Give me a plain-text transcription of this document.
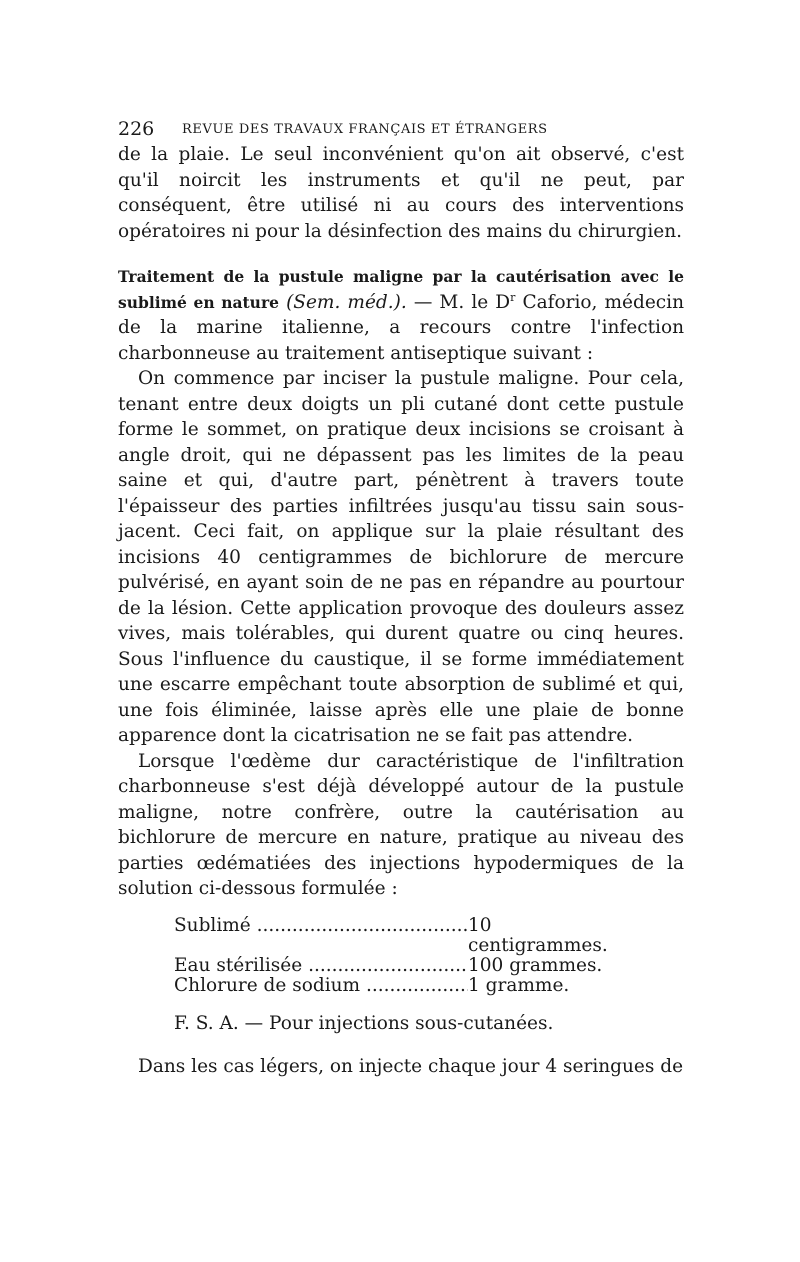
226 REVUE DES TRAVAUX FRANÇAIS ET ÉTRANGERS

de la plaie. Le seul inconvénient qu'on ait observé, c'est qu'il noircit les instruments et qu'il ne peut, par conséquent, être utilisé ni au cours des interventions opératoires ni pour la désinfection des mains du chirurgien.

Traitement de la pustule maligne par la cautérisation avec le sublimé en nature (Sem. méd.). — M. le $D^r$ Caforio, médecin de la marine italienne, a recours contre l'infection charbonneuse au traitement antiseptique suivant :

On commence par inciser la pustule maligne. Pour cela, tenant entre deux doigts un pli cutané dont cette pustule forme le sommet, on pratique deux incisions se croisant à angle droit, qui ne dépassent pas les limites de la peau saine et qui, d'autre part, pénètrent à travers toute l'épaisseur des parties infiltrées jusqu'au tissu sain sous-jacent. Ceci fait, on applique sur la plaie résultant des incisions 40 centigrammes de bichlorure de mercure pulvérisé, en ayant soin de ne pas en répandre au pourtour de la lésion. Cette application provoque des douleurs assez vives, mais tolérables, qui durent quatre ou cinq heures. Sous l'influence du caustique, il se forme immédiatement une escarre empêchant toute absorption de sublimé et qui, une fois éliminée, laisse après elle une plaie de bonne apparence dont la cicatrisation ne se fait pas attendre.

Lorsque l'œdème dur caractéristique de l'infiltration charbonneuse s'est déjà développé autour de la pustule maligne, notre confrère, outre la cautérisation au bichlorure de mercure en nature, pratique au niveau des parties œdématiées des injections hypodermiques de la solution ci-dessous formulée :

Sublimé .....	10 centigrammes.
Eau stérilisée .....	100 grammes.
Chlorure de sodium .....	1 gramme.
F. S. A. — Pour injections sous-cutanées.

Dans les cas légers, on injecte chaque jour 4 seringues de
